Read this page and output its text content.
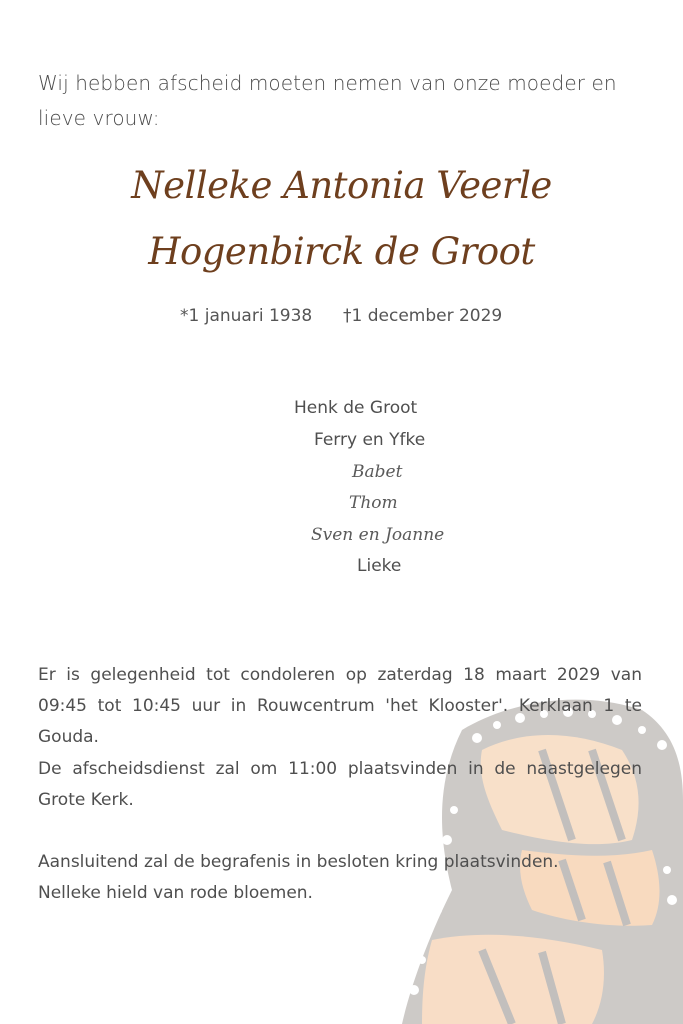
Wij hebben afscheid moeten nemen van onze moeder en lieve vrouw:
Nelleke Antonia Veerle
Hogenbirck de Groot
*1 januari 1938 †1 december 2029
Henk de Groot
Ferry en Yfke
Babet
Thom
Sven en Joanne
Lieke
Er is gelegenheid tot condoleren op zaterdag 18 maart 2029 van 09:45 tot 10:45 uur in Rouwcentrum 'het Klooster'. Kerklaan 1 te Gouda.
De afscheidsdienst zal om 11:00 plaatsvinden in de naastgelegen Grote Kerk.
Aansluitend zal de begrafenis in besloten kring plaatsvinden.
Nelleke hield van rode bloemen.
